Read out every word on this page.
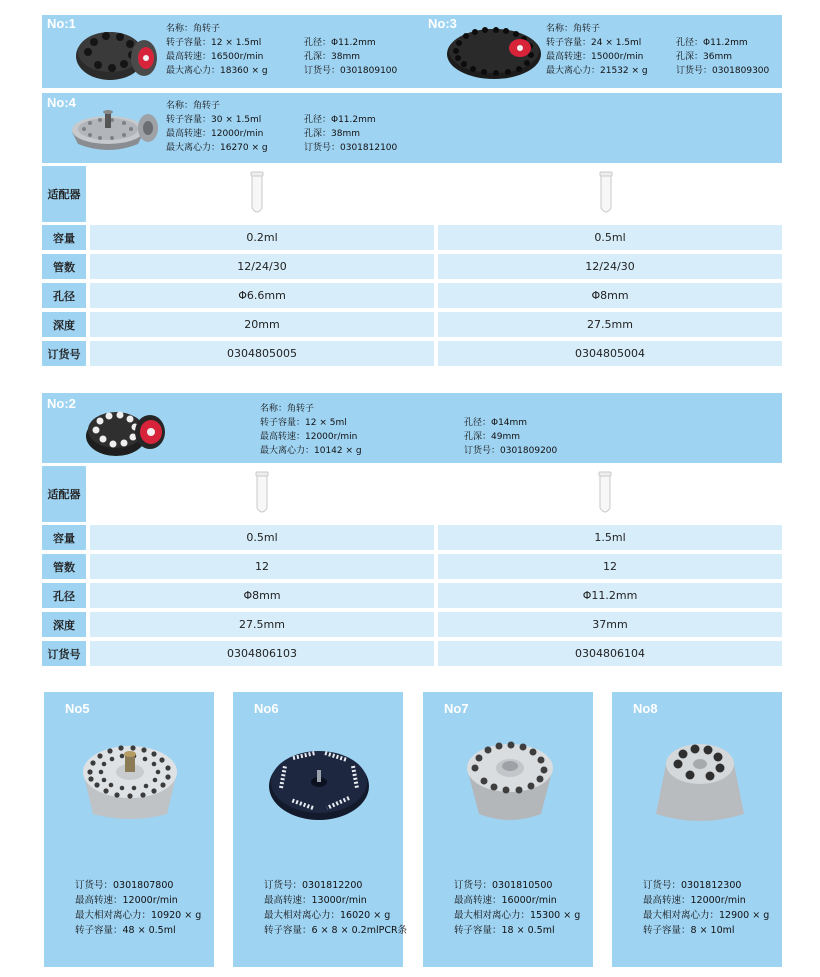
No:1	名称：角转子
转子容量：12 × 1.5ml
最高转速：16500r/min
最大离心力：18360 × g
孔径：Φ11.2mm
孔深：38mm
订货号：0301809100
No:3	名称：角转子
转子容量：24 × 1.5ml
最高转速：15000r/min
最大离心力：21532 × g
孔径：Φ11.2mm
孔深：36mm
订货号：0301809300
No:4	名称：角转子
转子容量：30 × 1.5ml
最高转速：12000r/min
最大离心力：16270 × g
孔径：Φ11.2mm
孔深：38mm
订货号：0301812100
适配器
容量	0.2ml	0.5ml
管数	12/24/30	12/24/30
孔径	Φ6.6mm	Φ8mm
深度	20mm	27.5mm
订货号	0304805005	0304805004
No:2	名称：角转子
转子容量：12 × 5ml
最高转速：12000r/min
最大离心力：10142 × g
孔径：Φ14mm
孔深：49mm
订货号：0301809200
适配器
容量	0.5ml	1.5ml
管数	12	12
孔径	Φ8mm	Φ11.2mm
深度	27.5mm	37mm
订货号	0304806103	0304806104
No5
订货号：0301807800
最高转速：12000r/min
最大相对离心力：10920 × g
转子容量：48 × 0.5ml
No6
订货号：0301812200
最高转速：13000r/min
最大相对离心力：16020 × g
转子容量：6 × 8 × 0.2mlPCR条
No7
订货号：0301810500
最高转速：16000r/min
最大相对离心力：15300 × g
转子容量：18 × 0.5ml
No8
订货号：0301812300
最高转速：12000r/min
最大相对离心力：12900 × g
转子容量：8 × 10ml
